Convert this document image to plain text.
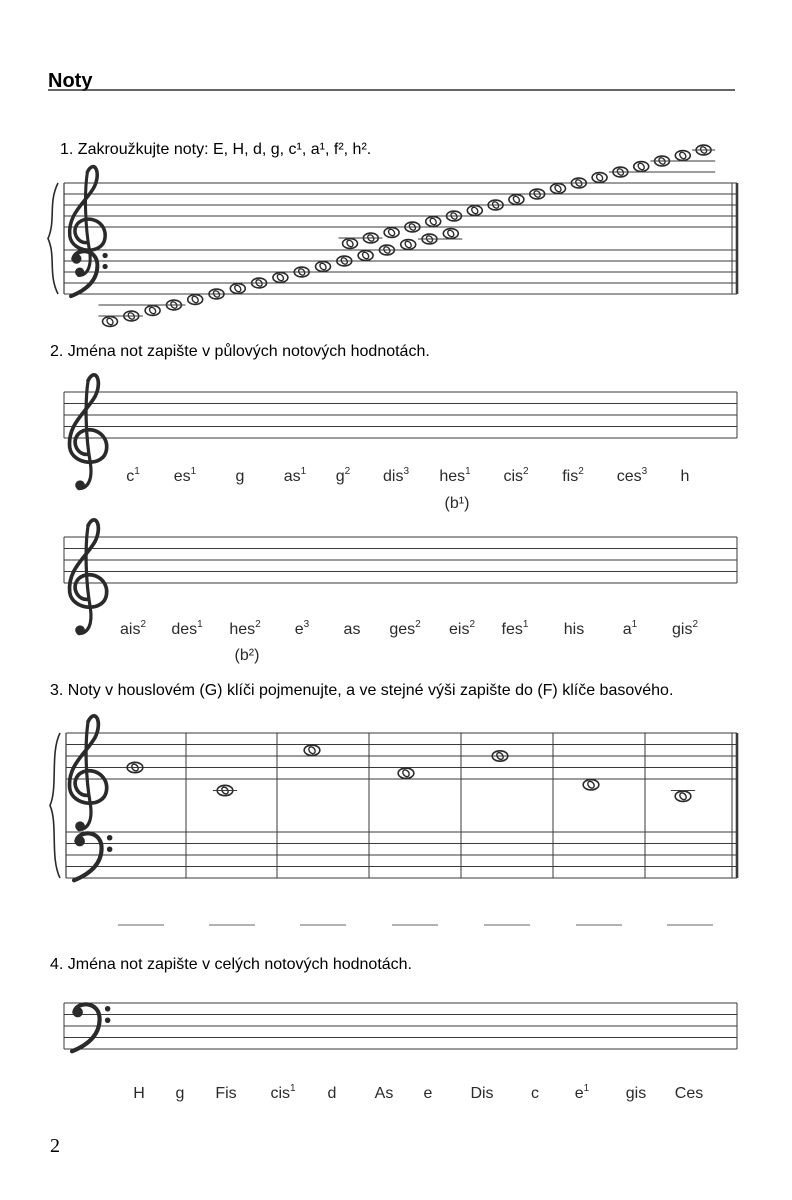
Noty
1. Zakroužkujte noty: E, H, d, g, c¹, a¹, f², h².
2. Jména not zapište v půlových notových hodnotách.
3. Noty v houslovém (G) klíči pojmenujte, a ve stejné výši zapište do (F) klíče basového.
4. Jména not zapište v celých notových hodnotách.
$c^1$ $es^1$ g $as^1$ $g^2$ dis$^3$ hes$^1$
(b¹)
cis$^2$ fis$^2$ ces$^3$ h
ais$^2$ des$^1$ hes$^2$
(b²)
$e^3$ as ges$^2$ eis$^2$ fes$^1$ his $a^1$ gis$^2$
H g Fis cis$^1$ d As e Dis c $e^1$ gis Ces
2
